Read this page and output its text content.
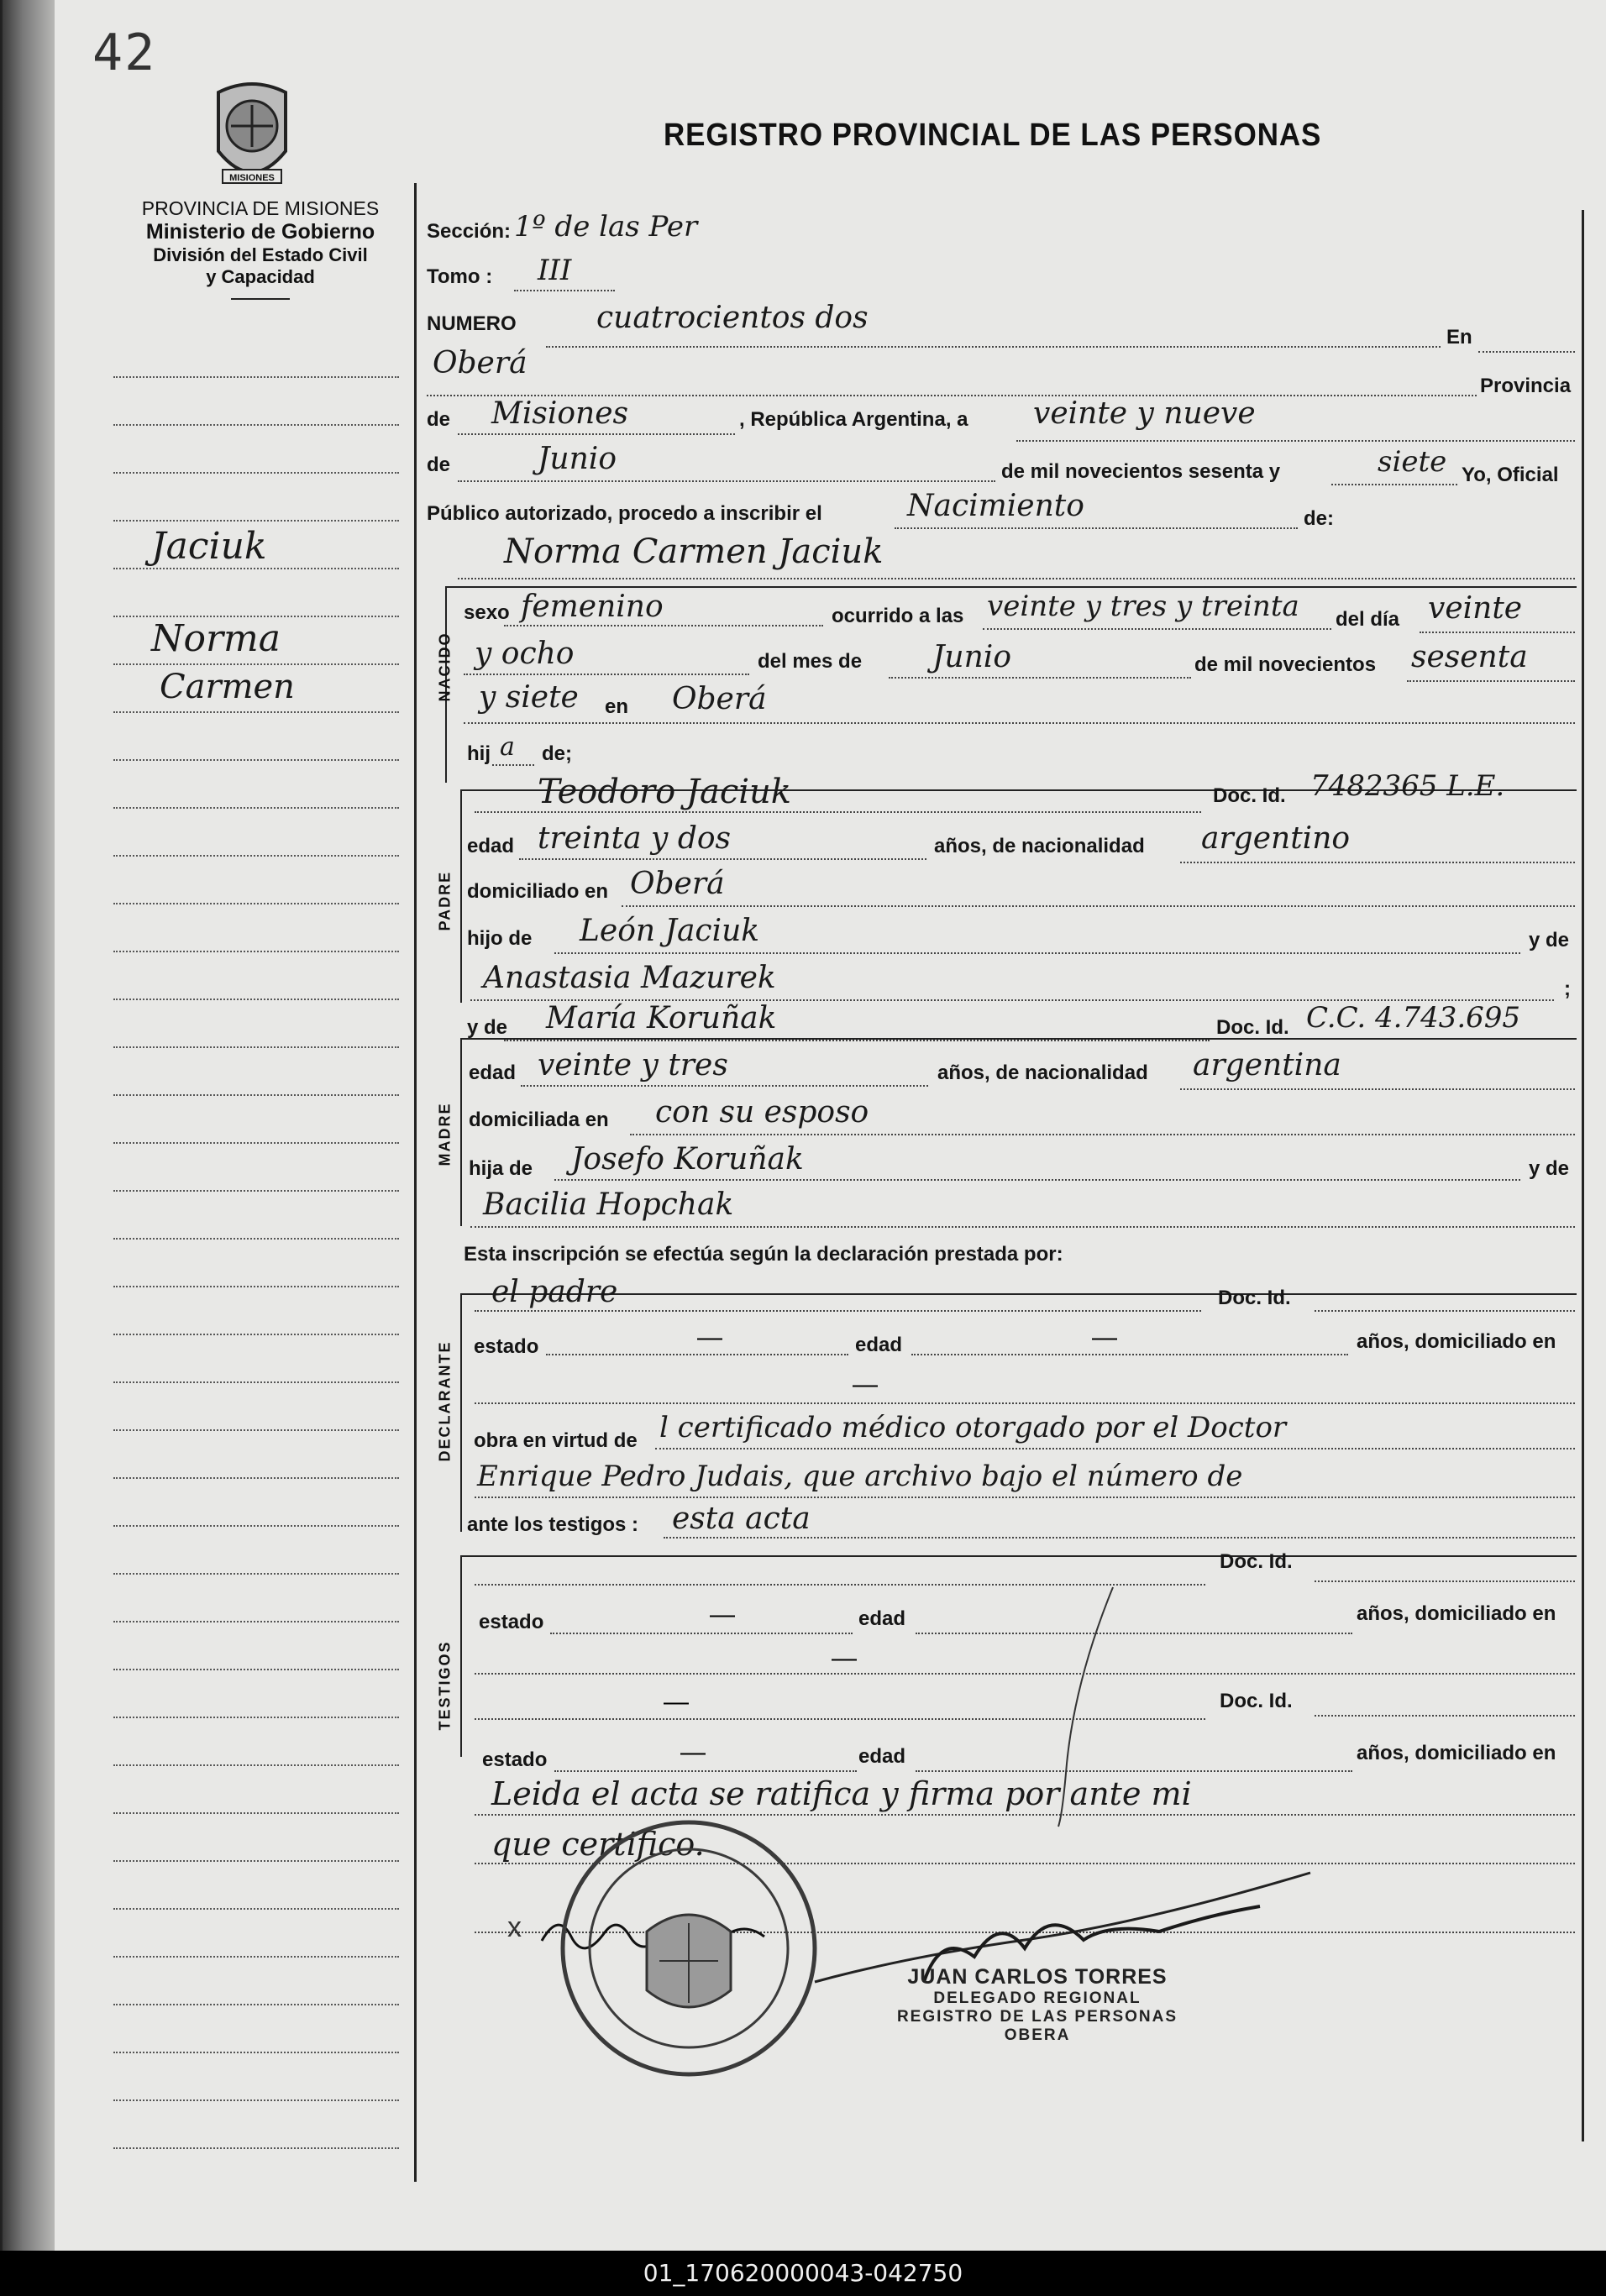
42
MISIONES
REGISTRO PROVINCIAL DE LAS PERSONAS
PROVINCIA DE MISIONES
Ministerio de Gobierno
División del Estado Civil
y Capacidad
Jaciuk
Norma
Carmen
Sección: 1º de las Per
Tomo : III
NUMERO	cuatrocientos dos
En
Oberá
Provincia
de Misiones	, República Argentina, a veinte y nueve
de	Junio	de mil novecientos sesenta y	siete Yo, Oficial
Público autorizado, procedo a inscribir el	Nacimiento	de:
Norma Carmen Jaciuk
NACIDO
sexo femenino	ocurrido a las veinte y tres y treinta del día veinte
y ocho	del mes de Junio	de mil novecientos sesenta
y siete en Oberá
hij a de;
PADRE
Teodoro Jaciuk	Doc. Id. 7482365 L.E.
edad treinta y dos	años, de nacionalidad argentino
domiciliado en Oberá
hijo de León Jaciuk	y de
Anastasia Mazurek	;
MADRE
y de María Koruñak	Doc. Id. C.C. 4.743.695
edad veinte y tres	años, de nacionalidad argentina
domiciliada en con su esposo
hija de Josefo Koruñak	y de
Bacilia Hopchak
Esta inscripción se efectúa según la declaración prestada por:
DECLARANTE
el padre	Doc. Id.
estado	—	edad	—	años, domiciliado en
—
obra en virtud de l certificado médico otorgado por el Doctor
Enrique Pedro Judais, que archivo bajo el número de
ante los testigos : esta acta
TESTIGOS
Doc. Id.
estado	—	edad	años, domiciliado en
—
—	Doc. Id.
estado	—	edad	años, domiciliado en
Leida el acta se ratifica y firma por ante mi
que certifico.
x
JUAN CARLOS TORRES
DELEGADO REGIONAL
REGISTRO DE LAS PERSONAS
OBERA
01_170620000043-042750
